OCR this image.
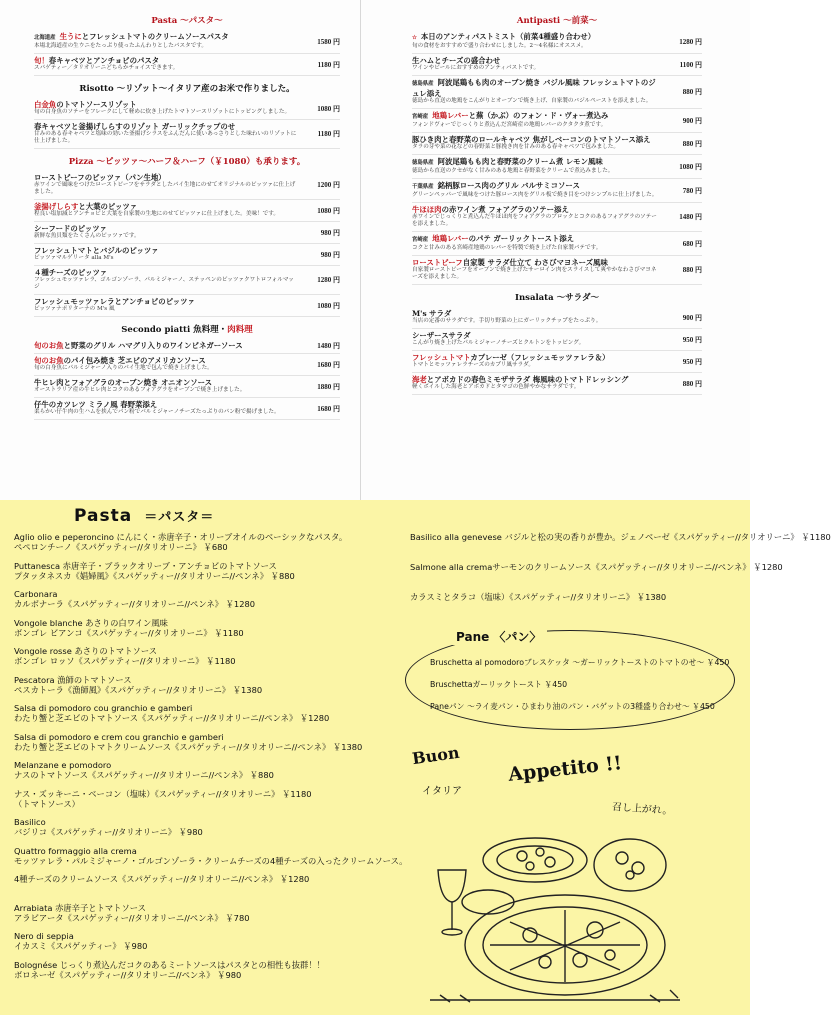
Pasta 〜パスタ〜
北海道産 生うにとフレッシュトマトのクリームソースパスタ
本場北海道産の生ウニをたっぷり使ったふんわりとしたパスタです。
1580 円
旬！春キャベツとアンチョビのパスタ
スパゲティー／タリオリーニどちらかチョイスできます。	1180 円
Risotto 〜リゾット〜イタリア産のお米で作りました。
白金魚のトマトソースリゾット
旬の白身魚のソテーをフレークにして軽めに炊き上げたトマトソースリゾットにトッピングしました。	1080 円
春キャベツと釜揚げしらすのリゾット ガーリックチップのせ
甘みのある春キャベツと塩味の効いた釜揚げシラスをふんだんに使いあっさりとした味わいのリゾットに仕上げました。
1180 円
Pizza 〜ピッツァ〜ハーフ＆ハーフ（￥1080）も承ります。
ローストビーフのピッツァ（パン生地）
赤ワインで風味をつけたローストビーフをサラダとしたパイ生地にのせてオリジナルのピッツァに仕上げました。
1200 円
釜揚げしらすと大葉のピッツァ
程良い塩加減とアンチョビと大葉を自家製の生地にのせてピッツァに仕上げました。美味！です。	1080 円
シーフードのピッツァ
新鮮な魚貝類をたくさんのピッツァです。	980 円
フレッシュトマトとバジルのピッツァ
ピッツァマルゲリータ alla M's	980 円
４種チーズのピッツァ
フレッシュモッツァレラ、ゴルゴンゾーラ、パルミジャーノ、ステッペンのピッツァクワトロフォルマッジ
1280 円
フレッシュモッツァレラとアンチョビのピッツァ
ピッツァナポリターナの M's 風	1080 円
Secondo piatti 魚料理・肉料理
旬のお魚と野菜のグリル ハマグリ入りのワインビネガーソース	1480 円
旬のお魚のパイ包み焼き 芝エビのアメリカンソース
旬の白身魚にパルミジャーノ入りのパイ生地で包んで焼き上げました。	1680 円
牛ヒレ肉とフォアグラのオーブン焼き オニオンソース
オーストラリア産の牛ヒレ肉とコクのあるフォアグラをオーブンで焼き上げました。	1880 円
仔牛のカツレツ ミラノ風 春野菜添え
柔らかい仔牛肉の生ハムを挟んでパン粉でパルミジャーノチーズたっぷりのパン粉で揚げました。	1680 円
Antipasti 〜前菜〜
☆ 本日のアンティパストミスト（前菜4種盛り合わせ）
旬の食材をおすすめで盛り合わせにしました。2〜4名様にオススメ。
1280 円
生ハムとチーズの盛合わせ
ワインやビールにおすすめのアンティパストです。	1100 円
徳島県産 阿波尾鶏もも肉のオーブン焼き バジル風味 フレッシュトマトのジュレ添え
徳島から直送の地鶏をこんがりとオーブンで焼き上げ、自家製のバジルペーストを添えました。
880 円
宮崎産 地鶏レバーと蕪（かぶ）のフォン・ド・ヴォー煮込み
フォンドヴォーでじっくりと煮込んだ宮崎産の地鶏レバーのクタクタ煮です。
900 円
豚ひき肉と春野菜のロールキャベツ 焦がしベーコンのトマトソース添え
タラの芽や菜の花などの春野菜と豚挽き肉を甘みのある春キャベツで包みました。	880 円
徳島県産 阿波尾鶏もも肉と春野菜のクリーム煮 レモン風味
徳島から直送のクセがなく甘みのある地鶏と春野菜をクリームで煮込みました。
1080 円
千葉県産 銘柄豚ロース肉のグリル バルサミコソース
グリーンペッパーで風味をつけた豚ロース肉をグリル板で焼き目をつけシンプルに仕上げました。
780 円
牛ほほ肉の赤ワイン煮 フォアグラのソテー添え
赤ワインでじっくりと煮込んだ牛ほほ肉をフォアグラのブロックとコクのあるフォアグラのソテーを添えました。
1480 円
宮崎産 地鶏レバーのパテ ガーリックトースト添え
コクと甘みのある宮崎産地鶏のレバーを特製で焼き上げた自家製パテです。
680 円
ローストビーフ自家製 サラダ仕立て わさびマヨネーズ風味
自家製ローストビーフをオーブンで焼き上げたサーロイン肉をスライスして爽やかなわさびマヨネーズを添えました。
880 円
Insalata 〜サラダ〜
M's サラダ
当店の定番のサラダです。手切り野菜の上にガーリックチップをたっぷり。	900 円
シーザースサラダ
こんがり焼き上げたパルミジャーノチーズとクルトンをトッピング。	950 円
フレッシュトマトカプレーゼ（フレッシュモッツァレラ＆）
トマトとモッツァレラチーズのカプリ風サラダ。	950 円
海老とアボカドの春色ミモザサラダ 梅風味のトマトドレッシング
軽くボイルした海老とアボカドとタマゴの色鮮やかなサラダです。	880 円
Pasta ＝パスタ＝
Aglio olio e peperoncino にんにく・赤唐辛子・オリーブオイルのベーシックなパスタ。
ペペロンチーノ《スパゲッティー//タリオリーニ》 ￥680
Puttanesca 赤唐辛子・ブラックオリーブ・アンチョビのトマトソース
プタッタネスカ《娼婦風》《スパゲッティー//タリオリーニ//ペンネ》 ￥880
Carbonara
カルボナーラ《スパゲッティー//タリオリーニ//ペンネ》 ￥1280
Vongole blanche あさりの白ワイン風味
ボンゴレ ビアンコ《スパゲッティー//タリオリーニ》 ￥1180
Vongole rosse あさりのトマトソース
ボンゴレ ロッソ《スパゲッティー//タリオリーニ》 ￥1180
Pescatora 漁師のトマトソース
ペスカトーラ《漁師風》《スパゲッティー//タリオリーニ》 ￥1380
Salsa di pomodoro cou granchio e gamberi
わたり蟹と芝エビのトマトソース《スパゲッティー//タリオリーニ//ペンネ》 ￥1280
Salsa di pomodoro e crem cou granchio e gamberi
わたり蟹と芝エビのトマトクリームソース《スパゲッティー//タリオリーニ//ペンネ》 ￥1380
Melanzane e pomodoro
ナスのトマトソース《スパゲッティー//タリオリーニ//ペンネ》 ￥880
ナス・ズッキーニ・ベーコン（塩味）《スパゲッティー//タリオリーニ》 ￥1180
（トマトソース）
Basilico
バジリコ《スパゲッティー//タリオリーニ》 ￥980
Quattro formaggio alla crema
モッツァレラ・パルミジャーノ・ゴルゴンゾーラ・クリームチーズの4種チーズの入ったクリームソース。
4種チーズのクリームソース《スパゲッティー//タリオリーニ//ペンネ》 ￥1280
Arrabiata 赤唐辛子とトマトソース
アラビアータ《スパゲッティー//タリオリーニ//ペンネ》 ￥780
Nero di seppia
イカスミ《スパゲッティー》 ￥980
Bolognése じっくり煮込んだコクのあるミートソースはパスタとの相性も抜群！！
ボロネーゼ《スパゲッティー//タリオリーニ//ペンネ》 ￥980
Basilico alla genevese バジルと松の実の香りが豊か。ジェノベーゼ《スパゲッティー//タリオリーニ》 ￥1180
Salmone alla cremaサーモンのクリームソース《スパゲッティー//タリオリーニ//ペンネ》 ￥1280
カラスミとタラコ（塩味）《スパゲッティー//タリオリーニ》 ￥1380
Pane 〈パン〉
Bruschetta al pomodoroブレスケッタ 〜ガーリックトーストのトマトのせ〜 ￥450
Bruschettaガーリックトースト ￥450
Paneパン 〜ライ麦パン・ひまわり油のパン・バゲットの3種盛り合わせ〜 ￥450
Buon
イタリア
Appetito !!
召し上がれ。
